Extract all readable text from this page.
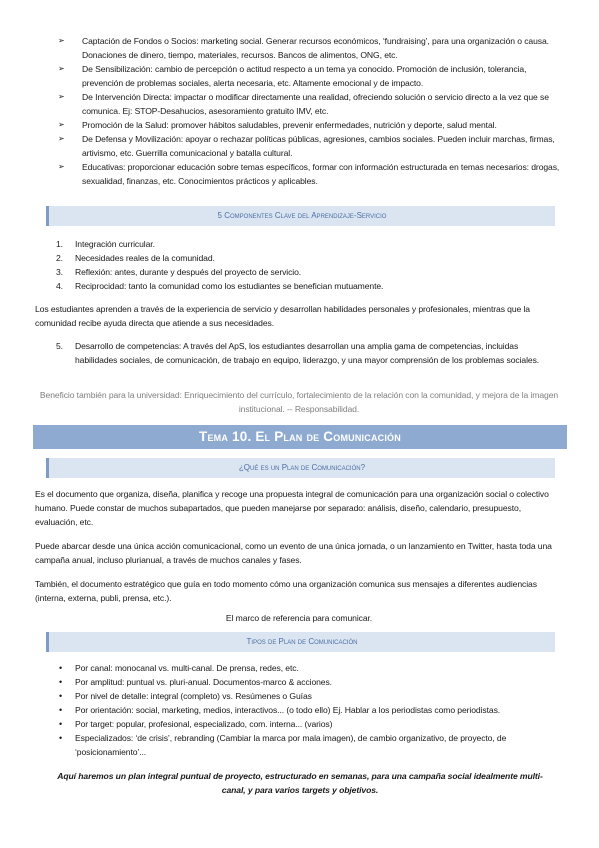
➢ Captación de Fondos o Socios: marketing social. Generar recursos económicos, ‘fundraising’, para una organización o causa. Donaciones de dinero, tiempo, materiales, recursos. Bancos de alimentos, ONG, etc.
➢ De Sensibilización: cambio de percepción o actitud respecto a un tema ya conocido. Promoción de inclusión, tolerancia, prevención de problemas sociales, alerta necesaria, etc. Altamente emocional y de impacto.
➢ De Intervención Directa: impactar o modificar directamente una realidad, ofreciendo solución o servicio directo a la vez que se comunica. Ej: STOP-Desahucios, asesoramiento gratuito IMV, etc.
➢ Promoción de la Salud: promover hábitos saludables, prevenir enfermedades, nutrición y deporte, salud mental.
➢ De Defensa y Movilización: apoyar o rechazar políticas públicas, agresiones, cambios sociales. Pueden incluir marchas, firmas, artivismo, etc. Guerrilla comunicacional y batalla cultural.
➢ Educativas: proporcionar educación sobre temas específicos, formar con información estructurada en temas necesarios: drogas, sexualidad, finanzas, etc. Conocimientos prácticos y aplicables.
5 Componentes Clave del Aprendizaje-Servicio
1. Integración curricular.
2. Necesidades reales de la comunidad.
3. Reflexión: antes, durante y después del proyecto de servicio.
4. Reciprocidad: tanto la comunidad como los estudiantes se benefician mutuamente.
Los estudiantes aprenden a través de la experiencia de servicio y desarrollan habilidades personales y profesionales, mientras que la comunidad recibe ayuda directa que atiende a sus necesidades.
5. Desarrollo de competencias: A través del ApS, los estudiantes desarrollan una amplia gama de competencias, incluidas habilidades sociales, de comunicación, de trabajo en equipo, liderazgo, y una mayor comprensión de los problemas sociales.
Beneficio también para la universidad: Enriquecimiento del currículo, fortalecimiento de la relación con la comunidad, y mejora de la imagen institucional. -- Responsabilidad.
Tema 10. El Plan de Comunicación
¿Qué es un Plan de Comunicación?
Es el documento que organiza, diseña, planifica y recoge una propuesta integral de comunicación para una organización social o colectivo humano. Puede constar de muchos subapartados, que pueden manejarse por separado: análisis, diseño, calendario, presupuesto, evaluación, etc.
Puede abarcar desde una única acción comunicacional, como un evento de una única jornada, o un lanzamiento en Twitter, hasta toda una campaña anual, incluso plurianual, a través de muchos canales y fases.
También, el documento estratégico que guía en todo momento cómo una organización comunica sus mensajes a diferentes audiencias (interna, externa, publi, prensa, etc.).
El marco de referencia para comunicar.
Tipos de Plan de Comunicación
• Por canal: monocanal vs. multi-canal. De prensa, redes, etc.
• Por amplitud: puntual vs. pluri-anual. Documentos-marco & acciones.
• Por nivel de detalle: integral (completo) vs. Resúmenes o Guías
• Por orientación: social, marketing, medios, interactivos... (o todo ello) Ej. Hablar a los periodistas como periodistas.
• Por target: popular, profesional, especializado, com. interna... (varios)
• Especializados: ‘de crisis’, rebranding (Cambiar la marca por mala imagen), de cambio organizativo, de proyecto, de ‘posicionamiento’...
Aquí haremos un plan integral puntual de proyecto, estructurado en semanas, para una campaña social idealmente multi-canal, y para varios targets y objetivos.
